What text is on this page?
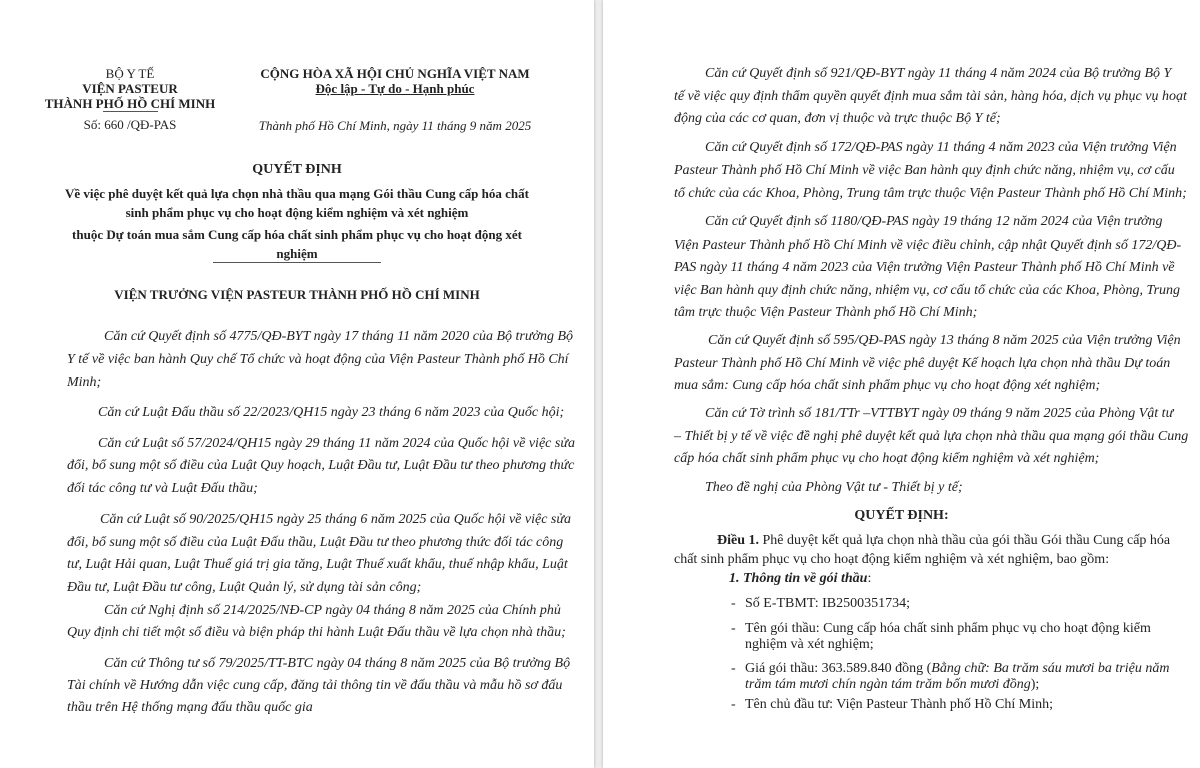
BỘ Y TẾ
VIỆN PASTEUR
THÀNH PHỐ HỒ CHÍ MINH
Số: 660 /QĐ-PAS
CỘNG HÒA XÃ HỘI CHỦ NGHĨA VIỆT NAM
Độc lập - Tự do - Hạnh phúc
Thành phố Hồ Chí Minh, ngày 11 tháng 9 năm 2025
QUYẾT ĐỊNH
Về việc phê duyệt kết quả lựa chọn nhà thầu qua mạng Gói thầu Cung cấp hóa chất
sinh phẩm phục vụ cho hoạt động kiểm nghiệm và xét nghiệm
thuộc Dự toán mua sắm Cung cấp hóa chất sinh phẩm phục vụ cho hoạt động xét
nghiệm
VIỆN TRƯỞNG VIỆN PASTEUR THÀNH PHỐ HỒ CHÍ MINH
Căn cứ Quyết định số 4775/QĐ-BYT ngày 17 tháng 11 năm 2020 của Bộ trưởng Bộ
Y tế về việc ban hành Quy chế Tổ chức và hoạt động của Viện Pasteur Thành phố Hồ Chí
Minh;
Căn cứ Luật Đấu thầu số 22/2023/QH15 ngày 23 tháng 6 năm 2023 của Quốc hội;
Căn cứ Luật số 57/2024/QH15 ngày 29 tháng 11 năm 2024 của Quốc hội về việc sửa
đổi, bổ sung một số điều của Luật Quy hoạch, Luật Đầu tư, Luật Đầu tư theo phương thức
đối tác công tư và Luật Đấu thầu;
Căn cứ Luật số 90/2025/QH15 ngày 25 tháng 6 năm 2025 của Quốc hội về việc sửa
đổi, bổ sung một số điều của Luật Đấu thầu, Luật Đầu tư theo phương thức đối tác công
tư, Luật Hải quan, Luật Thuế giá trị gia tăng, Luật Thuế xuất khẩu, thuế nhập khẩu, Luật
Đầu tư, Luật Đầu tư công, Luật Quản lý, sử dụng tài sản công;
Căn cứ Nghị định số 214/2025/NĐ-CP ngày 04 tháng 8 năm 2025 của Chính phủ
Quy định chi tiết một số điều và biện pháp thi hành Luật Đấu thầu về lựa chọn nhà thầu;
Căn cứ Thông tư số 79/2025/TT-BTC ngày 04 tháng 8 năm 2025 của Bộ trưởng Bộ
Tài chính về Hướng dẫn việc cung cấp, đăng tải thông tin về đấu thầu và mẫu hồ sơ đấu
thầu trên Hệ thống mạng đấu thầu quốc gia
Căn cứ Quyết định số 921/QĐ-BYT ngày 11 tháng 4 năm 2024 của Bộ trưởng Bộ Y
tế về việc quy định thẩm quyền quyết định mua sắm tài sản, hàng hóa, dịch vụ phục vụ hoạt
động của các cơ quan, đơn vị thuộc và trực thuộc Bộ Y tế;
Căn cứ Quyết định số 172/QĐ-PAS ngày 11 tháng 4 năm 2023 của Viện trưởng Viện
Pasteur Thành phố Hồ Chí Minh về việc Ban hành quy định chức năng, nhiệm vụ, cơ cấu
tổ chức của các Khoa, Phòng, Trung tâm trực thuộc Viện Pasteur Thành phố Hồ Chí Minh;
Căn cứ Quyết định số 1180/QĐ-PAS ngày 19 tháng 12 năm 2024 của Viện trưởng
Viện Pasteur Thành phố Hồ Chí Minh về việc điều chỉnh, cập nhật Quyết định số 172/QĐ-
PAS ngày 11 tháng 4 năm 2023 của Viện trưởng Viện Pasteur Thành phố Hồ Chí Minh về
việc Ban hành quy định chức năng, nhiệm vụ, cơ cấu tổ chức của các Khoa, Phòng, Trung
tâm trực thuộc Viện Pasteur Thành phố Hồ Chí Minh;
Căn cứ Quyết định số 595/QĐ-PAS ngày 13 tháng 8 năm 2025 của Viện trưởng Viện
Pasteur Thành phố Hồ Chí Minh về việc phê duyệt Kế hoạch lựa chọn nhà thầu Dự toán
mua sắm: Cung cấp hóa chất sinh phẩm phục vụ cho hoạt động xét nghiệm;
Căn cứ Tờ trình số 181/TTr –VTTBYT ngày 09 tháng 9 năm 2025 của Phòng Vật tư
– Thiết bị y tế về việc đề nghị phê duyệt kết quả lựa chọn nhà thầu qua mạng gói thầu Cung
cấp hóa chất sinh phẩm phục vụ cho hoạt động kiểm nghiệm và xét nghiệm;
Theo đề nghị của Phòng Vật tư - Thiết bị y tế;
QUYẾT ĐỊNH:
Điều 1. Phê duyệt kết quả lựa chọn nhà thầu của gói thầu Gói thầu Cung cấp hóa
chất sinh phẩm phục vụ cho hoạt động kiểm nghiệm và xét nghiệm, bao gồm:
1. Thông tin về gói thầu:
- Số E-TBMT: IB2500351734;
- Tên gói thầu: Cung cấp hóa chất sinh phẩm phục vụ cho hoạt động kiểm
nghiệm và xét nghiệm;
- Giá gói thầu: 363.589.840 đồng (Bằng chữ: Ba trăm sáu mươi ba triệu năm
trăm tám mươi chín ngàn tám trăm bốn mươi đồng);
- Tên chủ đầu tư: Viện Pasteur Thành phố Hồ Chí Minh;
